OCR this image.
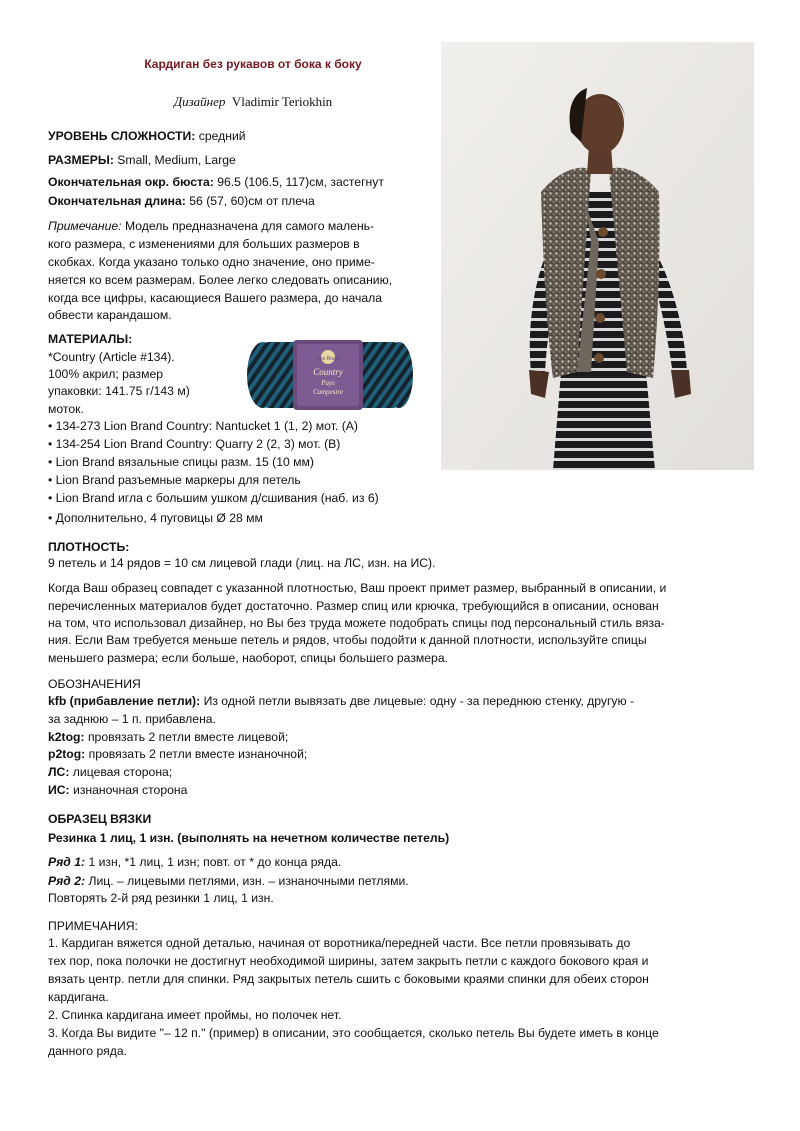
Кардиган без рукавов от бока к боку
Дизайнер Vladimir Teriokhin
УРОВЕНЬ СЛОЖНОСТИ: средний
РАЗМЕРЫ: Small, Medium, Large
Окончательная окр. бюста: 96.5 (106.5, 117)см, застегнут
Окончательная длина: 56 (57, 60)см от плеча
Примечание: Модель предназначена для самого малень-
кого размера, с изменениями для больших размеров в
скобках. Когда указано только одно значение, оно приме-
няется ко всем размерам. Более легко следовать описанию,
когда все цифры, касающиеся Вашего размера, до начала
обвести карандашом.
МАТЕРИАЛЫ:
*Country (Article #134).
100% акрил; размер
упаковки: 141.75 г/143 м)
моток.
Lion Brand
Country
Pays
Campestre
• 134-273 Lion Brand Country: Nantucket 1 (1, 2) мот. (A)
• 134-254 Lion Brand Country: Quarry 2 (2, 3) мот. (B)
• Lion Brand вязальные спицы разм. 15 (10 мм)
• Lion Brand разъемные маркеры для петель
• Lion Brand игла с большим ушком д/сшивания (наб. из 6)
• Дополнительно, 4 пуговицы Ø 28 мм
ПЛОТНОСТЬ:
9 петель и 14 рядов = 10 см лицевой глади (лиц. на ЛС, изн. на ИС).
Когда Ваш образец совпадет с указанной плотностью, Ваш проект примет размер, выбранный в описании, и
перечисленных материалов будет достаточно. Размер спиц или крючка, требующийся в описании, основан
на том, что использовал дизайнер, но Вы без труда можете подобрать спицы под персональный стиль вяза-
ния. Если Вам требуется меньше петель и рядов, чтобы подойти к данной плотности, используйте спицы
меньшего размера; если больше, наоборот, спицы большего размера.
ОБОЗНАЧЕНИЯ
kfb (прибавление петли): Из одной петли вывязать две лицевые: одну - за переднюю стенку, другую -
за заднюю – 1 п. прибавлена.
k2tog: провязать 2 петли вместе лицевой;
p2tog: провязать 2 петли вместе изнаночной;
ЛС: лицевая сторона;
ИС: изнаночная сторона
ОБРАЗЕЦ ВЯЗКИ
Резинка 1 лиц, 1 изн. (выполнять на нечетном количестве петель)
Ряд 1: 1 изн, *1 лиц, 1 изн; повт. от * до конца ряда.
Ряд 2: Лиц. – лицевыми петлями, изн. – изнаночными петлями.
Повторять 2-й ряд резинки 1 лиц, 1 изн.
ПРИМЕЧАНИЯ:
1. Кардиган вяжется одной деталью, начиная от воротника/передней части. Все петли провязывать до
тех пор, пока полочки не достигнут необходимой ширины, затем закрыть петли с каждого бокового края и
вязать центр. петли для спинки. Ряд закрытых петель сшить с боковыми краями спинки для обеих сторон
кардигана.
2. Спинка кардигана имеет проймы, но полочек нет.
3. Когда Вы видите "– 12 п." (пример) в описании, это сообщается, сколько петель Вы будете иметь в конце
данного ряда.
